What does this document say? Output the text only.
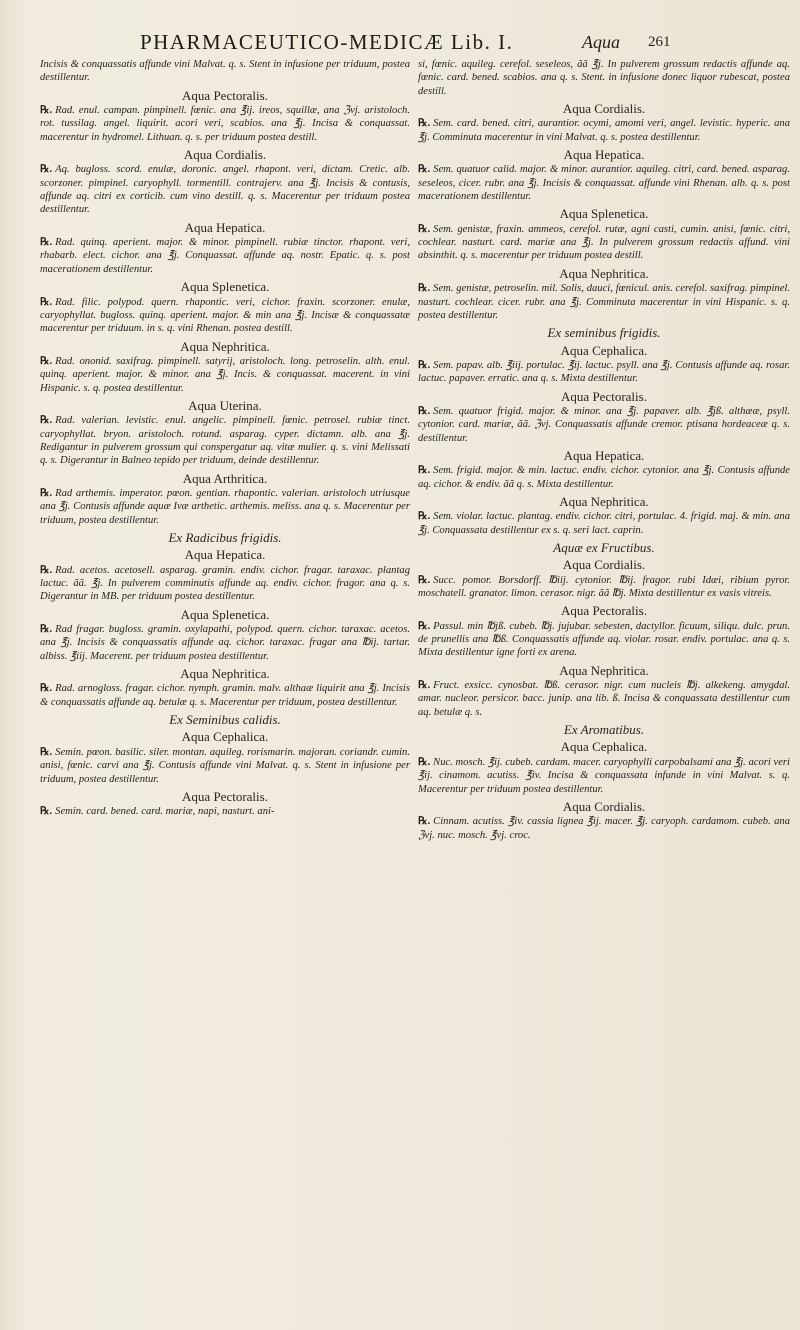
PHARMACEUTICO-MEDICÆ Lib. I.	Aqua 261

Incisis & conquassatis affunde vini Malvat. q. s. Stent in infusione per triduum, postea destillentur.

Aqua Pectoralis.

℞. Rad. enul. campan. pimpinell. fœnic. ana ℥ij. ireos, squillæ, ana ℨvj. aristoloch. rot. tussilag. angel. liquirit. acori veri, scabios. ana ℥j. Incisa & conquassat. macerentur in hydromel. Lithuan. q. s. per triduum postea destill.

Aqua Cordialis.

℞. Aq. bugloss. scord. enulæ, doronic. angel. rhapont. veri, dictam. Cretic. alb. scorzoner. pimpinel. caryophyll. tormentill. contrajerv. ana ℥j. Incisis & contusis, affunde aq. citri ex corticib. cum vino destill. q. s. Macerentur per triduum postea destillentur.

Aqua Hepatica.

℞. Rad. quinq. aperient. major. & minor. pimpinell. rubiæ tinctor. rhapont. veri, rhabarb. elect. cichor. ana ℥j. Conquassat. affunde aq. nostr. Epatic. q. s. post macerationem destillentur.

Aqua Splenetica.

℞. Rad. filic. polypod. quern. rhapontic. veri, cichor. fraxin. scorzoner. enulæ, caryophyllat. bugloss. quinq. aperient. major. & min ana ℥j. Incisæ & conquassatæ macerentur per triduum. in s. q. vini Rhenan. postea destill.

Aqua Nephritica.

℞. Rad. ononid. saxifrag. pimpinell. satyrij, aristoloch. long. petroselin. alth. enul. quinq. aperient. major. & minor. ana ℥j. Incis. & conquassat. macerent. in vini Hispanic. s. q. postea destillentur.

Aqua Uterina.

℞. Rad. valerian. levistic. enul. angelic. pimpinell. fœnic. petrosel. rubiæ tinct. caryophyllat. bryon. aristoloch. rotund. asparag. cyper. dictamn. alb. ana ℥j. Redigantur in pulverem grossum qui conspergatur aq. vitæ mulier. q. s. vini Melissati q. s. Digerantur in Balneo tepido per triduum, deinde destillentur.

Aqua Arthritica.

℞. Rad arthemis. imperator. pœon. gentian. rhapontic. valerian. aristoloch utriusque ana ℥j. Contusis affunde aquæ Ivæ arthetic. arthemis. meliss. ana q. s. Macerentur per triduum, postea destillentur.

Ex Radicibus frigidis.
Aqua Hepatica.

℞. Rad. acetos. acetosell. asparag. gramin. endiv. cichor. fragar. taraxac. plantag lactuc. ãã. ℥j. In pulverem comminutis affunde aq. endiv. cichor. fragor. ana q. s. Digerantur in MB. per triduum postea destillentur.

Aqua Splenetica.

℞. Rad fragar. bugloss. gramin. oxylapathi, polypod. quern. cichor. taraxac. acetos. ana ℥j. Incisis & conquassatis affunde aq. cichor. taraxac. fragar ana ℔ij. tartar. albiss. ℥iij. Macerent. per triduum postea destillentur.

Aqua Nephritica.

℞. Rad. arnogloss. fragar. cichor. nymph. gramin. malv. althaæ liquirit ana ℥j. Incisis & conquassatis affunde aq. betulæ q. s. Macerentur per triduum, postea destillentur.

Ex Seminibus calidis.
Aqua Cephalica.

℞. Semin. pœon. basilic. siler. montan. aquileg. rorismarin. majoran. coriandr. cumin. anisi, fœnic. carvi ana ℥j. Contusis affunde vini Malvat. q. s. Stent in infusione per triduum, postea destillentur.

Aqua Pectoralis.

℞. Semin. card. bened. card. mariæ, napi, nasturt. ani-

si, fœnic. aquileg. cerefol. seseleos, ãã ℥j. In pulverem grossum redactis affunde aq. fœnic. card. bened. scabios. ana q. s. Stent. in infusione donec liquor rubescat, postea destill.

Aqua Cordialis.

℞. Sem. card. bened. citri, aurantior. ocymi, amomi veri, angel. levistic. hyperic. ana ℥j. Comminuta macerentur in vini Malvat. q. s. postea destillentur.

Aqua Hepatica.

℞. Sem. quatuor calid. major. & minor. aurantior. aquileg. citri, card. bened. asparag. seseleos, cicer. rubr. ana ℥j. Incisis & conquassat. affunde vini Rhenan. alb. q. s. post macerationem destillentur.

Aqua Splenetica.

℞. Sem. genistæ, fraxin. ammeos, cerefol. rutæ, agni casti, cumin. anisi, fœnic. citri, cochlear. nasturt. card. mariæ ana ℥j. In pulverem grossum redactis affund. vini absinthit. q. s. macerentur per triduum postea destill.

Aqua Nephritica.

℞. Sem. genistæ, petroselin. mil. Solis, dauci, fœnicul. anis. cerefol. saxifrag. pimpinel. nasturt. cochlear. cicer. rubr. ana ℥j. Comminuta macerentur in vini Hispanic. s. q. postea destillentur.

Ex seminibus frigidis.
Aqua Cephalica.

℞. Sem. papav. alb. ℥iij. portulac. ℥ij. lactuc. psyll. ana ℥j. Contusis affunde aq. rosar. lactuc. papaver. erratic. ana q. s. Mixta destillentur.

Aqua Pectoralis.

℞. Sem. quatuor frigid. major. & minor. ana ℥j. papaver. alb. ℥jß. althææ, psyll. cytonior. card. mariæ, ãã. ℨvj. Conquassatis affunde cremor. ptisana hordeaceæ q. s. destillentur.

Aqua Hepatica.

℞. Sem. frigid. major. & min. lactuc. endiv. cichor. cytonior. ana ℥j. Contusis affunde aq. cichor. & endiv. ãã q. s. Mixta destillentur.

Aqua Nephritica.

℞. Sem. violar. lactuc. plantag. endiv. cichor. citri, portulac. 4. frigid. maj. & min. ana ℥j. Conquassata destillentur ex s. q. seri lact. caprin.

Aquæ ex Fructibus.
Aqua Cordialis.

℞. Succ. pomor. Borsdorff. ℔iij. cytonior. ℔ij. fragor. rubi Idæi, ribium pyror. moschatell. granator. limon. cerasor. nigr. ãã ℔j. Mixta destillentur ex vasis vitreis.

Aqua Pectoralis.

℞. Passul. min ℔jß. cubeb. ℔j. jujubar. sebesten, dactyllor. ficuum, siliqu. dulc. prun. de prunellis ana ℔ß. Conquassatis affunde aq. violar. rosar. endiv. portulac. ana q. s. Mixta destillentur igne forti ex arena.

Aqua Nephritica.

℞. Fruct. exsicc. cynosbat. ℔ß. cerasor. nigr. cum nucleis ℔j. alkekeng. amygdal. amar. nucleor. persicor. bacc. junip. ana lib. ß. Incisa & conquassata destillentur cum aq. betulæ q. s.

Ex Aromatibus.
Aqua Cephalica.

℞. Nuc. mosch. ℥ij. cubeb. cardam. macer. caryophylli carpobalsami ana ℥j. acori veri ℥ij. cinamom. acutiss. ℥iv. Incisa & conquassata infunde in vini Malvat. s. q. Macerentur per triduum postea destillentur.

Aqua Cordialis.

℞. Cinnam. acutiss. ℥iv. cassia lignea ℥ij. macer. ℥j. caryoph. cardamom. cubeb. ana ℨvj. nuc. mosch. ℥vj. croc.
